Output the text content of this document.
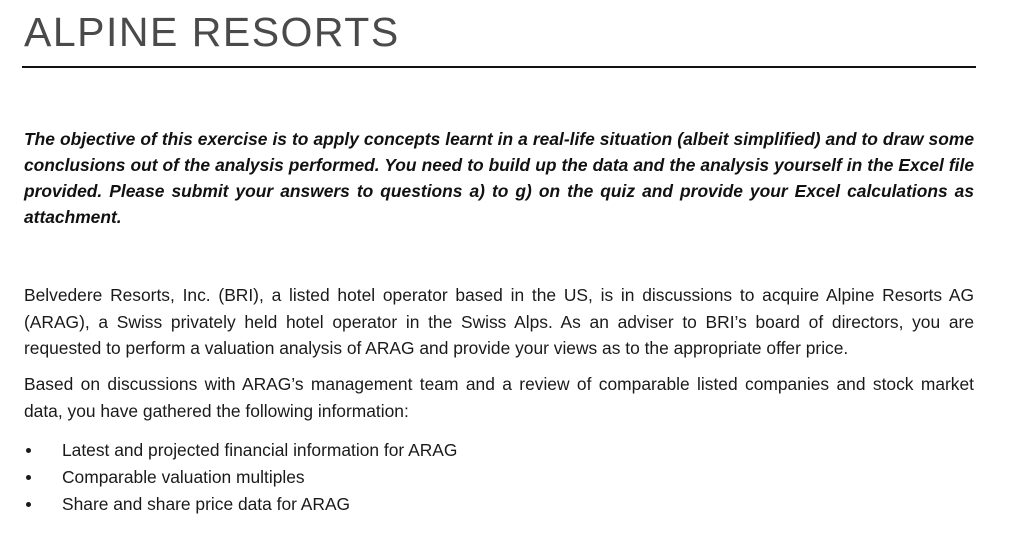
ALPINE RESORTS

The objective of this exercise is to apply concepts learnt in a real-life situation (albeit simplified) and to draw some conclusions out of the analysis performed. You need to build up the data and the analysis yourself in the Excel file provided. Please submit your answers to questions a) to g) on the quiz and provide your Excel calculations as attachment.

Belvedere Resorts, Inc. (BRI), a listed hotel operator based in the US, is in discussions to acquire Alpine Resorts AG (ARAG), a Swiss privately held hotel operator in the Swiss Alps. As an adviser to BRI’s board of directors, you are requested to perform a valuation analysis of ARAG and provide your views as to the appropriate offer price.

Based on discussions with ARAG’s management team and a review of comparable listed companies and stock market data, you have gathered the following information:

Latest and projected financial information for ARAG
Comparable valuation multiples
Share and share price data for ARAG
